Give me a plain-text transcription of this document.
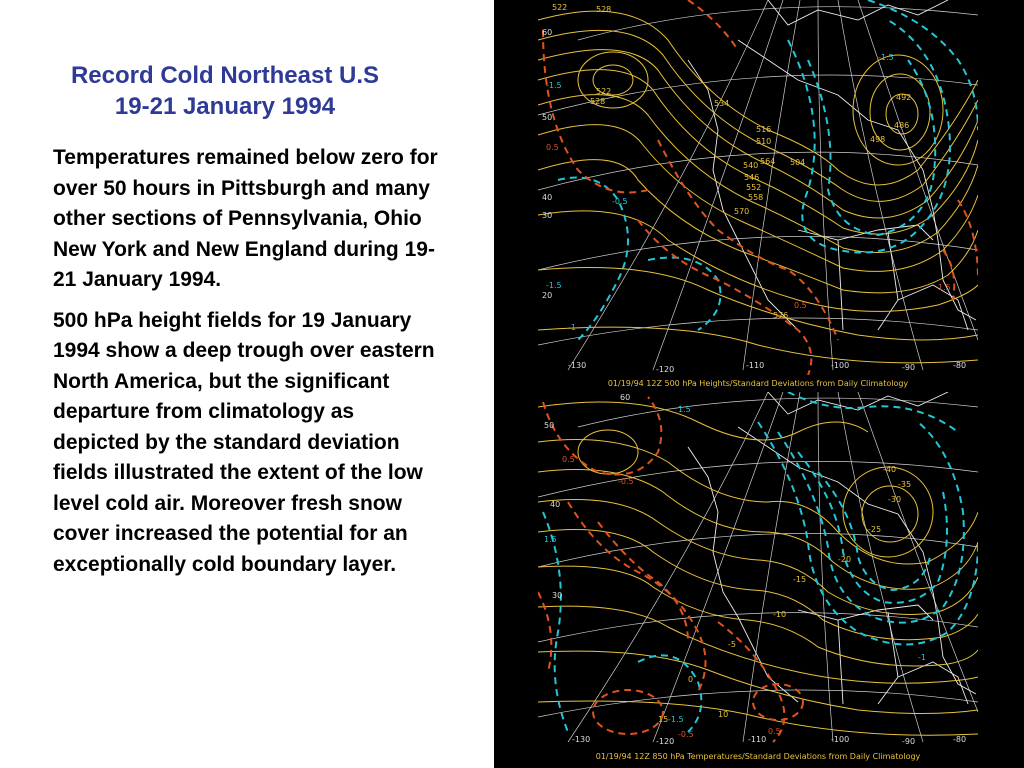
Record Cold Northeast U.S
19-21 January 1994

Temperatures remained below zero for over 50 hours in Pittsburgh and many other sections of Pennsylvania, Ohio New York and New England during 19-21 January 1994.

500 hPa height fields for 19 January 1994 show a deep trough over eastern North America, but the significant departure from climatology as depicted by the standard deviation fields illustrated the extent of the low level cold air. Moreover fresh snow cover increased the potential for an exceptionally cold boundary layer.

-130	-120	-110	-100	-90	-80
60
50
40
30
20
522
528
528
534
540
546
552
558
564
570
576
498
486
492
516
510
504
522
-1.5
-1.5
-0.5
0.5
-1
1.5
0.5
-1.5
01/19/94 12Z 500 hPa Heights/Standard Deviations from Daily Climatology
-130	-120	-110	-100	-90	-80
60
50
40
30
-25
-20
-15
-10
-5
0
10
15
-30
-35
-40
1.5
-0.5
0.5
-1.5
1.5
-1
0.5
-0.5
01/19/94 12Z 850 hPa Temperatures/Standard Deviations from Daily Climatology
